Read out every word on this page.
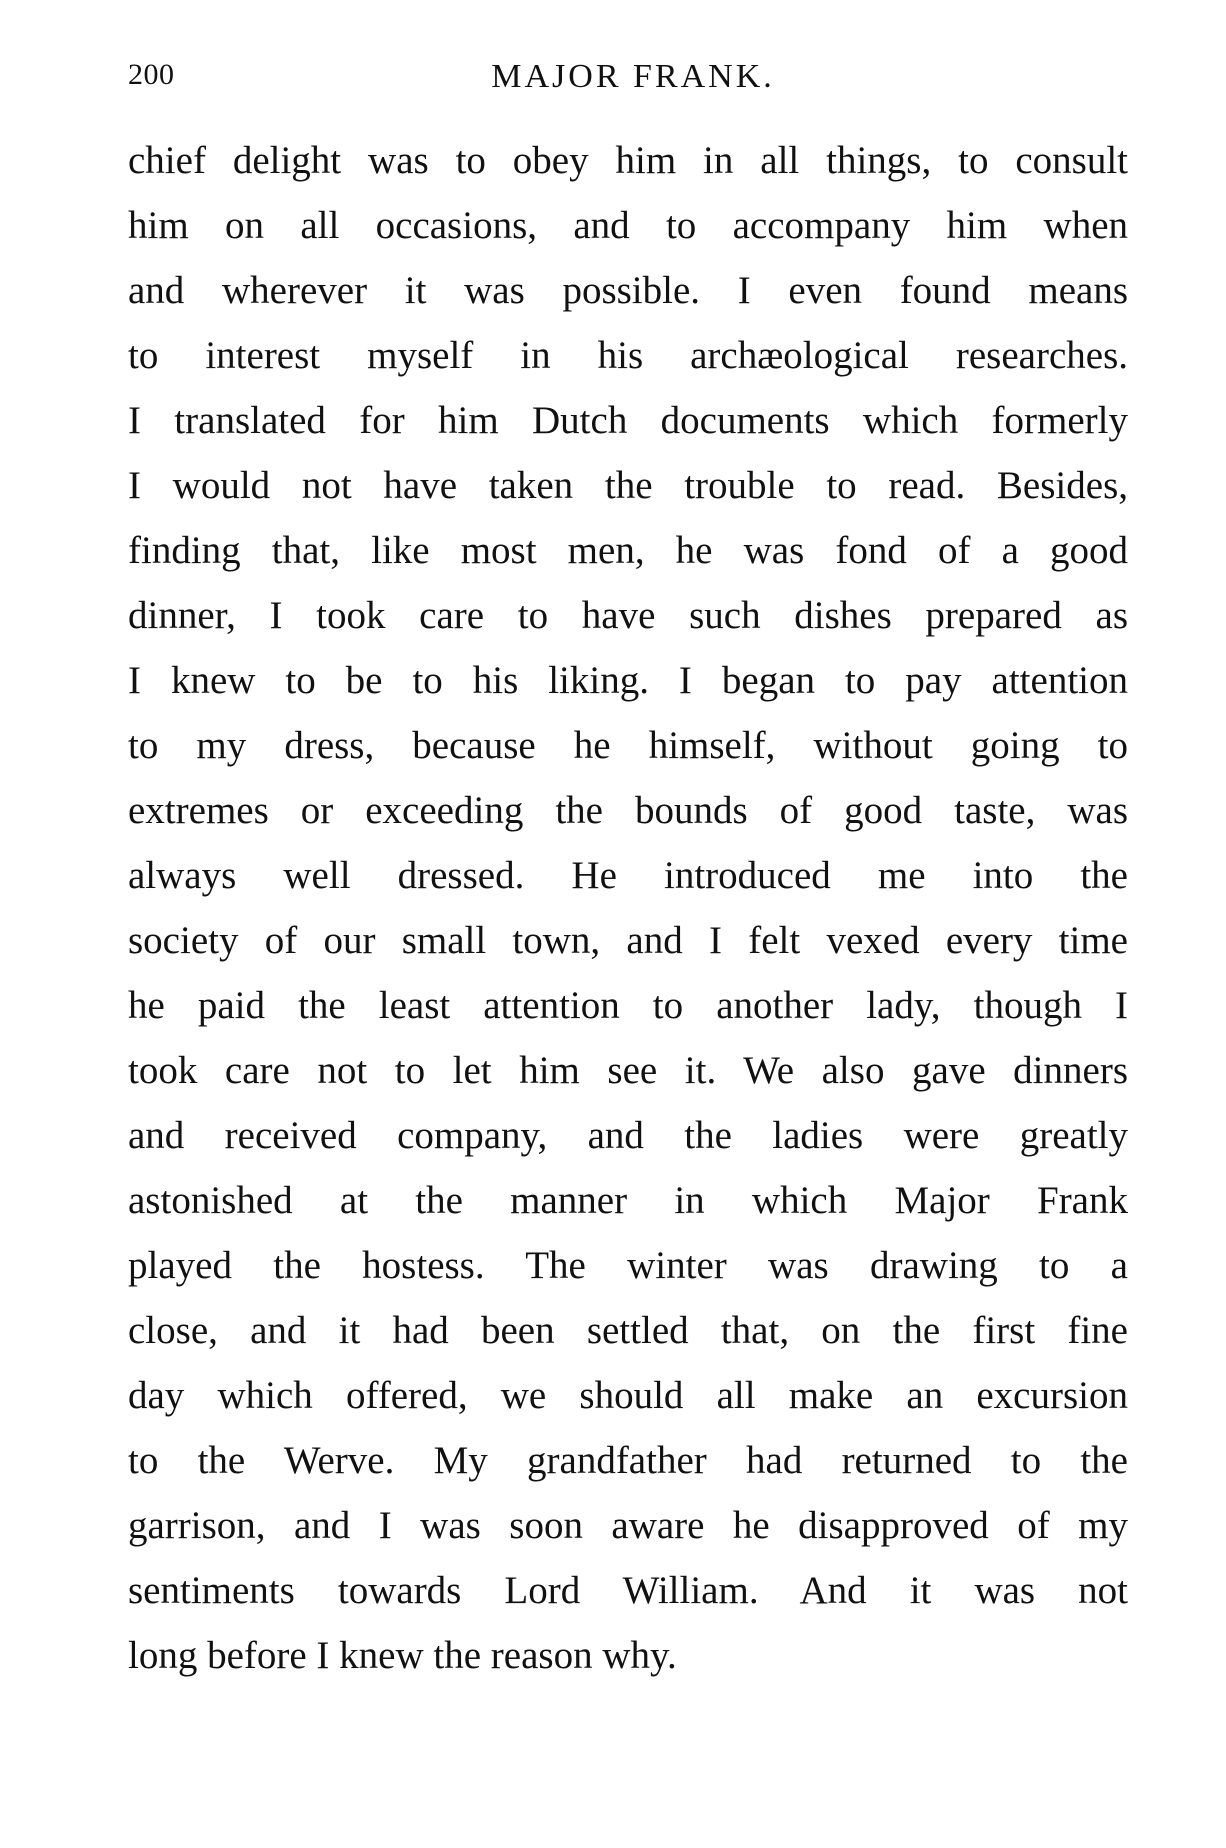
200	MAJOR FRANK.
chief delight was to obey him in all things, to consult
him on all occasions, and to accompany him when
and wherever it was possible. I even found means
to interest myself in his archæological researches.
I translated for him Dutch documents which formerly
I would not have taken the trouble to read. Besides,
finding that, like most men, he was fond of a good
dinner, I took care to have such dishes prepared as
I knew to be to his liking. I began to pay attention
to my dress, because he himself, without going to
extremes or exceeding the bounds of good taste, was
always well dressed. He introduced me into the
society of our small town, and I felt vexed every time
he paid the least attention to another lady, though I
took care not to let him see it. We also gave dinners
and received company, and the ladies were greatly
astonished at the manner in which Major Frank
played the hostess. The winter was drawing to a
close, and it had been settled that, on the first fine
day which offered, we should all make an excursion
to the Werve. My grandfather had returned to the
garrison, and I was soon aware he disapproved of my
sentiments towards Lord William. And it was not
long before I knew the reason why.
